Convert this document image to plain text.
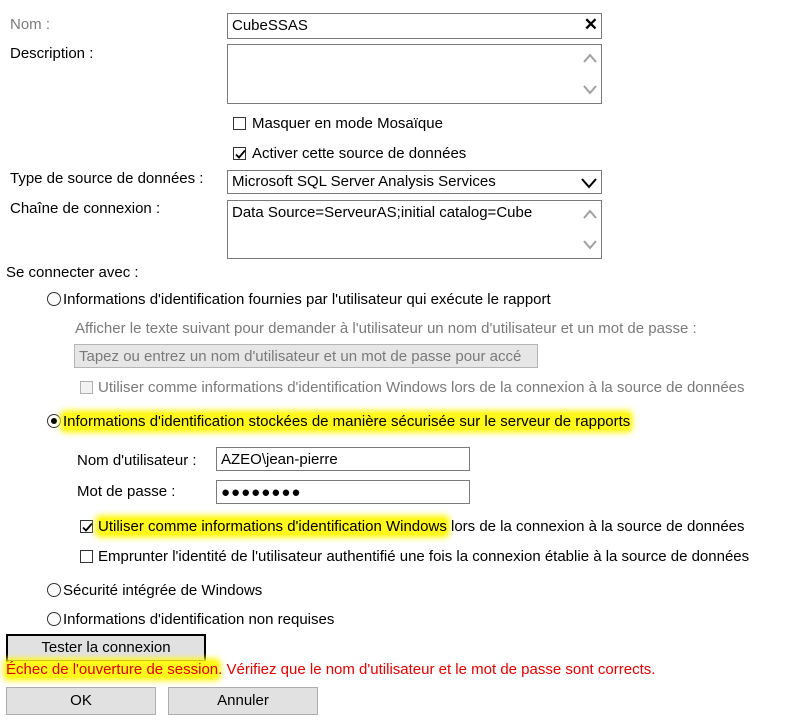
Nom :	CubeSSAS	✕
Description :
Masquer en mode Mosaïque
Activer cette source de données
Type de source de données : Microsoft SQL Server Analysis Services
Chaîne de connexion :	Data Source=ServeurAS;initial catalog=Cube
Se connecter avec :
Informations d'identification fournies par l'utilisateur qui exécute le rapport
Afficher le texte suivant pour demander à l'utilisateur un nom d'utilisateur et un mot de passe :
Tapez ou entrez un nom d'utilisateur et un mot de passe pour accé
Utiliser comme informations d'identification Windows lors de la connexion à la source de données
Informations d'identification stockées de manière sécurisée sur le serveur de rapports
Nom d'utilisateur :	AZEO\jean-pierre
Mot de passe :	●●●●●●●●
Utiliser comme informations d'identification Windows lors de la connexion à la source de données
Emprunter l'identité de l'utilisateur authentifié une fois la connexion établie à la source de données
Sécurité intégrée de Windows
Informations d'identification non requises
Tester la connexion
Échec de l'ouverture de session. Vérifiez que le nom d'utilisateur et le mot de passe sont corrects.
OK	Annuler
